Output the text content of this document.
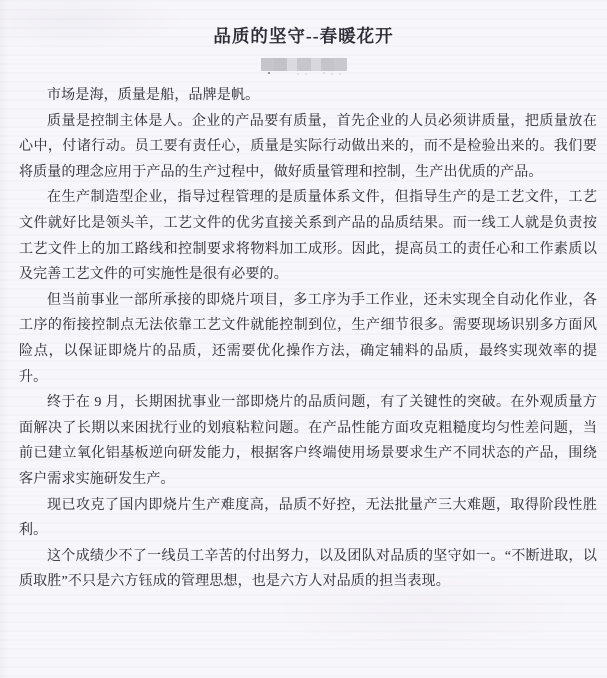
品质的坚守--春暖花开

市场是海，质量是船，品牌是帆。

质量是控制主体是人。企业的产品要有质量，首先企业的人员必须讲质量，把质量放在心中，付诸行动。员工要有责任心，质量是实际行动做出来的，而不是检验出来的。我们要将质量的理念应用于产品的生产过程中，做好质量管理和控制，生产出优质的产品。

在生产制造型企业，指导过程管理的是质量体系文件，但指导生产的是工艺文件，工艺文件就好比是领头羊，工艺文件的优劣直接关系到产品的品质结果。而一线工人就是负责按工艺文件上的加工路线和控制要求将物料加工成形。因此，提高员工的责任心和工作素质以及完善工艺文件的可实施性是很有必要的。

但当前事业一部所承接的即烧片项目，多工序为手工作业，还未实现全自动化作业，各工序的衔接控制点无法依靠工艺文件就能控制到位，生产细节很多。需要现场识别多方面风险点，以保证即烧片的品质，还需要优化操作方法，确定辅料的品质，最终实现效率的提升。

终于在 9 月，长期困扰事业一部即烧片的品质问题，有了关键性的突破。在外观质量方面解决了长期以来困扰行业的划痕粘粒问题。在产品性能方面攻克粗糙度均匀性差问题，当前已建立氧化铝基板逆向研发能力，根据客户终端使用场景要求生产不同状态的产品，围绕客户需求实施研发生产。

现已攻克了国内即烧片生产难度高，品质不好控，无法批量产三大难题，取得阶段性胜利。

这个成绩少不了一线员工辛苦的付出努力，以及团队对品质的坚守如一。“不断进取，以质取胜”不只是六方钰成的管理思想，也是六方人对品质的担当表现。
